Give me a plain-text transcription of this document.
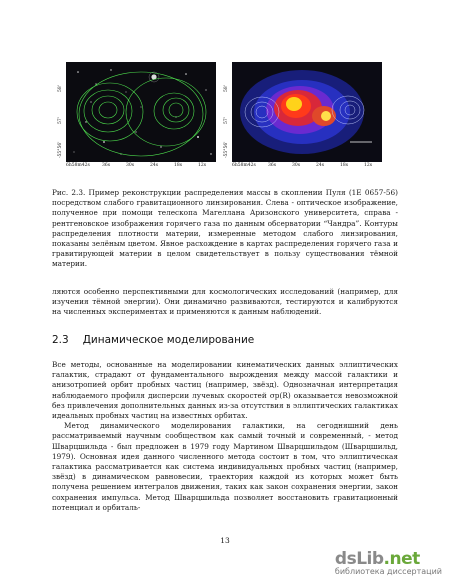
-55°56'
57'
58'
6h58m42s	36s	30s	24s	18s	12s
-55°56'
57'
58'
6h58m42s	36s	30s	24s	18s	12s
Рис. 2.3. Пример реконструкции распределения массы в скоплении Пуля (1E 0657-56) посредством слабого гравитационного линзирования. Слева - оптическое изображение, полученное при помощи телескопа Магеллана Аризонского университета, справа - рентгеновское изображения горячего газа по данным обсерватории “Чандра”. Контуры распределения плотности материи, измеренные методом слабого линзирования, показаны зелёным цветом. Явное расхождение в картах распределения горячего газа и гравитирующей материи в целом свидетельствует в пользу существования тёмной материи.

ляются особенно перспективными для космологических исследований (например, для изучения тёмной энергии). Они динамично развиваются, тестируются и калибруются на численных экспериментах и применяются к данным наблюдений.

2.3 Динамическое моделирование

Все методы, основанные на моделировании кинематических данных эллиптических галактик, страдают от фундаментального вырождения между массой галактики и анизотропией орбит пробных частиц (например, звёзд). Однозначная интерпретация наблюдаемого профиля дисперсии лучевых скоростей σp(R) оказывается невозможной без привлечения дополнительных данных из-за отсутствия в эллиптических галактиках идеальных пробных частиц на известных орбитах.

Метод динамического моделирования галактики, на сегодняшний день рассматриваемый научным сообществом как самый точный и современный, - метод Шварцшильда - был предложен в 1979 году Мартином Шварцшильдом (Шварцшильд, 1979). Основная идея данного численного метода состоит в том, что эллиптическая галактика рассматривается как система индивидуальных пробных частиц (например, звёзд) в динамическом равновесии, траектория каждой из которых может быть получена решением интегралов движения, таких как закон сохранения энергии, закон сохранения импульса. Метод Шварцшильда позволяет восстановить гравитационный потенциал и орбиталь-

13
dsLib.net
библиотека диссертаций
